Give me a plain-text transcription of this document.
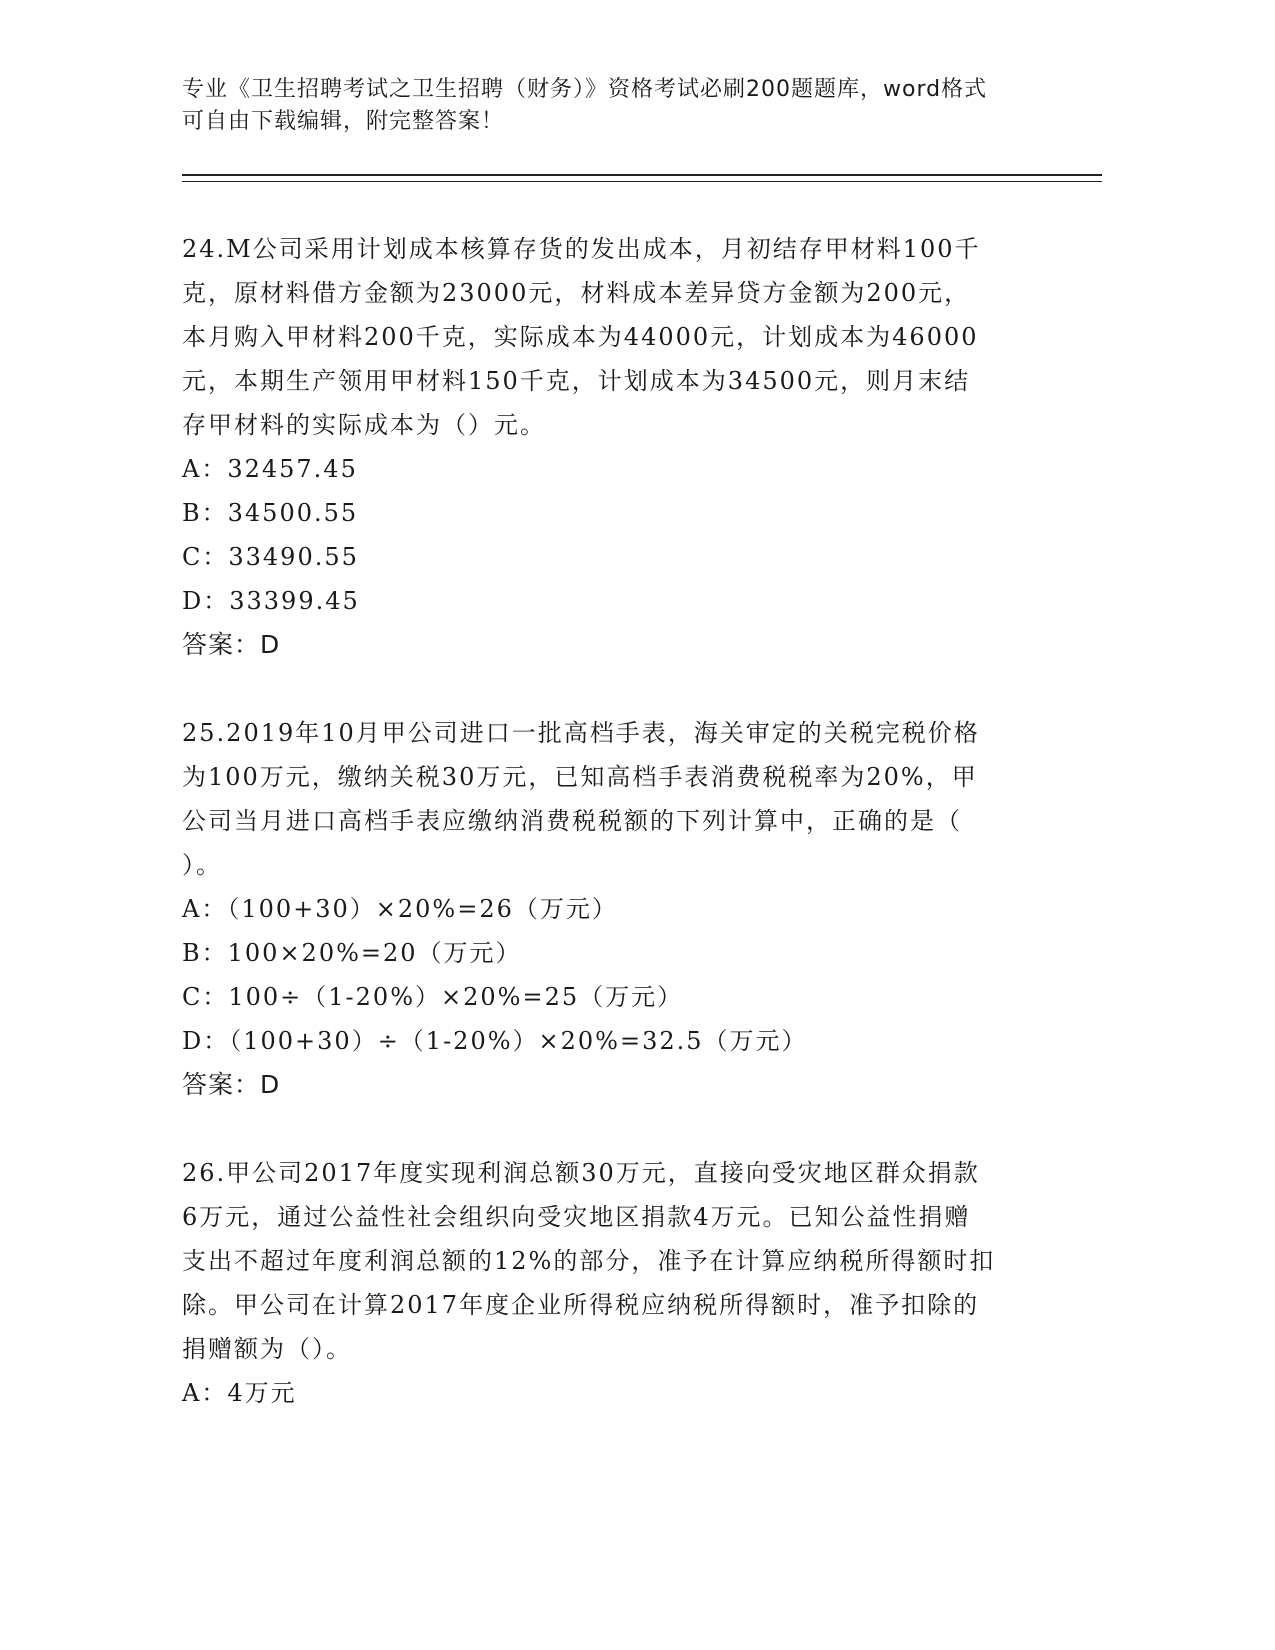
专业《卫生招聘考试之卫生招聘（财务）》资格考试必刷200题题库，word格式
可自由下载编辑，附完整答案！
24.M公司采用计划成本核算存货的发出成本，月初结存甲材料100千
克，原材料借方金额为23000元，材料成本差异贷方金额为200元，
本月购入甲材料200千克，实际成本为44000元，计划成本为46000
元，本期生产领用甲材料150千克，计划成本为34500元，则月末结
存甲材料的实际成本为（）元。
A：32457.45
B：34500.55
C：33490.55
D：33399.45
答案：D
25.2019年10月甲公司进口一批高档手表，海关审定的关税完税价格
为100万元，缴纳关税30万元，已知高档手表消费税税率为20%，甲
公司当月进口高档手表应缴纳消费税税额的下列计算中，正确的是（
）。
A：（100+30）×20%=26（万元）
B：100×20%=20（万元）
C：100÷（1-20%）×20%=25（万元）
D：（100+30）÷（1-20%）×20%=32.5（万元）
答案：D
26.甲公司2017年度实现利润总额30万元，直接向受灾地区群众捐款
6万元，通过公益性社会组织向受灾地区捐款4万元。已知公益性捐赠
支出不超过年度利润总额的12%的部分，准予在计算应纳税所得额时扣
除。甲公司在计算2017年度企业所得税应纳税所得额时，准予扣除的
捐赠额为（）。
A：4万元
